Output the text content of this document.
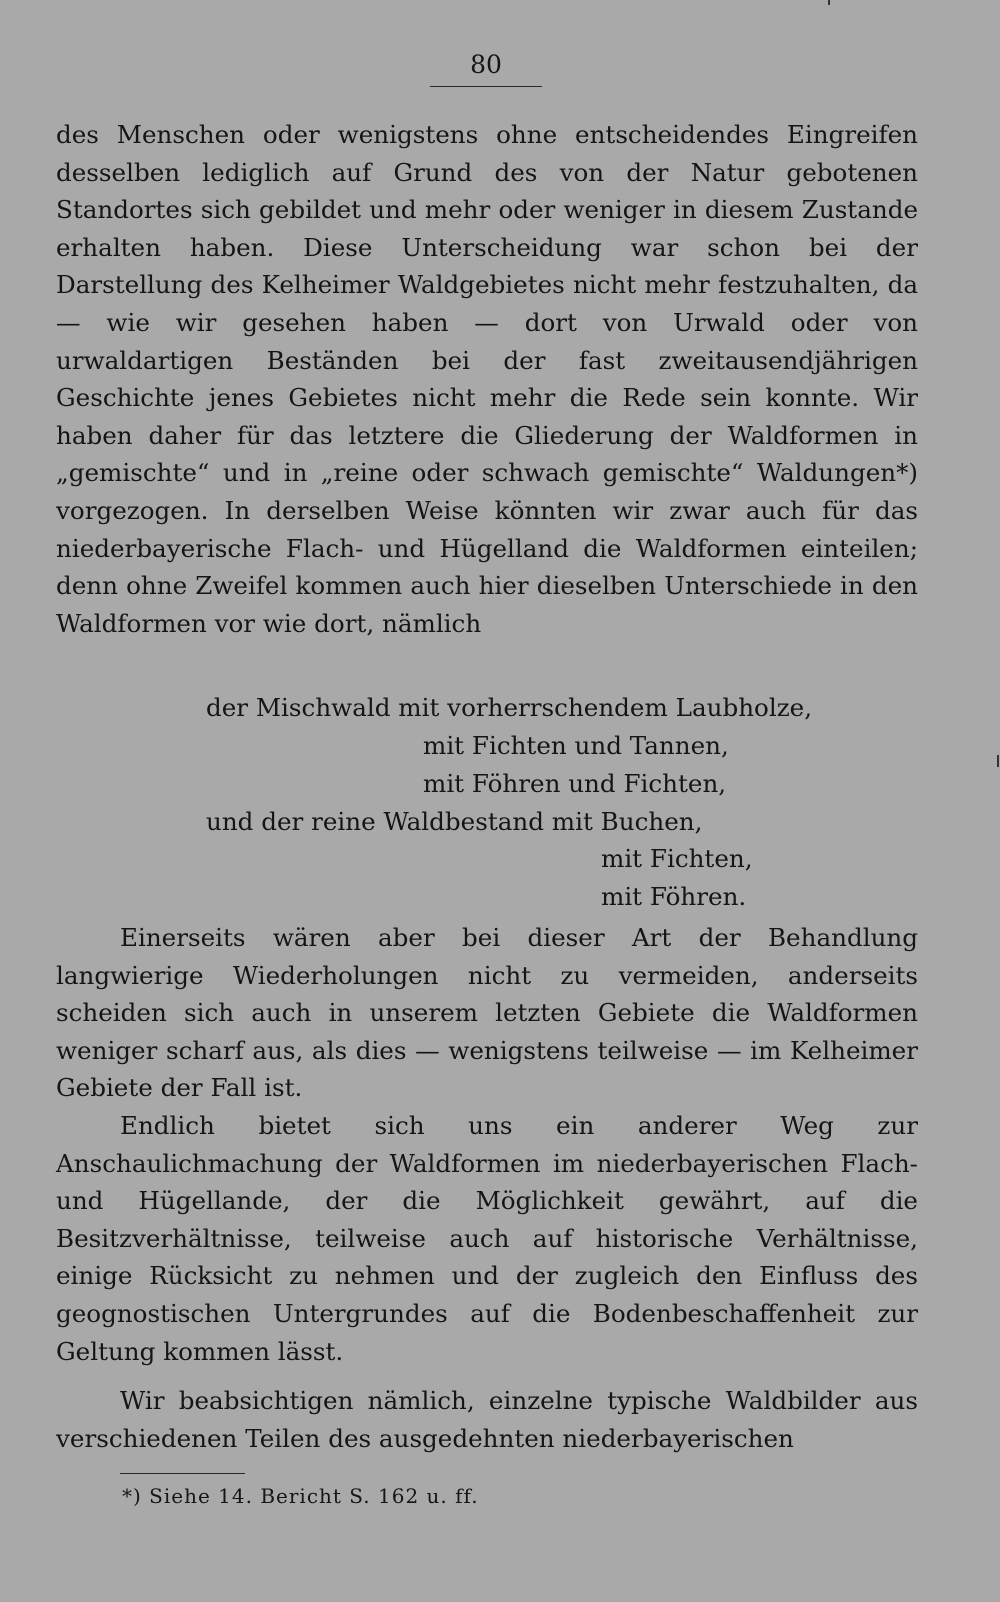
80

des Menschen oder wenigstens ohne entscheidendes Eingreifen desselben lediglich auf Grund des von der Natur gebotenen Standortes sich gebildet und mehr oder weniger in diesem Zustande erhalten haben. Diese Unterscheidung war schon bei der Darstellung des Kelheimer Waldgebietes nicht mehr festzuhalten, da — wie wir gesehen haben — dort von Urwald oder von urwaldartigen Beständen bei der fast zweitausendjährigen Geschichte jenes Gebietes nicht mehr die Rede sein konnte. Wir haben daher für das letztere die Gliederung der Waldformen in „gemischte“ und in „reine oder schwach gemischte“ Waldungen*) vorgezogen. In derselben Weise könnten wir zwar auch für das niederbayerische Flach- und Hügelland die Waldformen einteilen; denn ohne Zweifel kommen auch hier dieselben Unterschiede in den Waldformen vor wie dort, nämlich

der Mischwald mit vorherrschendem Laubholze,
mit Fichten und Tannen,
mit Föhren und Fichten,
und der reine Waldbestand mit Buchen,
mit Fichten,
mit Föhren.

Einerseits wären aber bei dieser Art der Behandlung langwierige Wiederholungen nicht zu vermeiden, anderseits scheiden sich auch in unserem letzten Gebiete die Waldformen weniger scharf aus, als dies — wenigstens teilweise — im Kelheimer Gebiete der Fall ist.

Endlich bietet sich uns ein anderer Weg zur Anschaulichmachung der Waldformen im niederbayerischen Flach- und Hügellande, der die Möglichkeit gewährt, auf die Besitzverhältnisse, teilweise auch auf historische Verhältnisse, einige Rücksicht zu nehmen und der zugleich den Einfluss des geognostischen Untergrundes auf die Bodenbeschaffenheit zur Geltung kommen lässt.

Wir beabsichtigen nämlich, einzelne typische Waldbilder aus verschiedenen Teilen des ausgedehnten niederbayerischen

*) Siehe 14. Bericht S. 162 u. ff.
